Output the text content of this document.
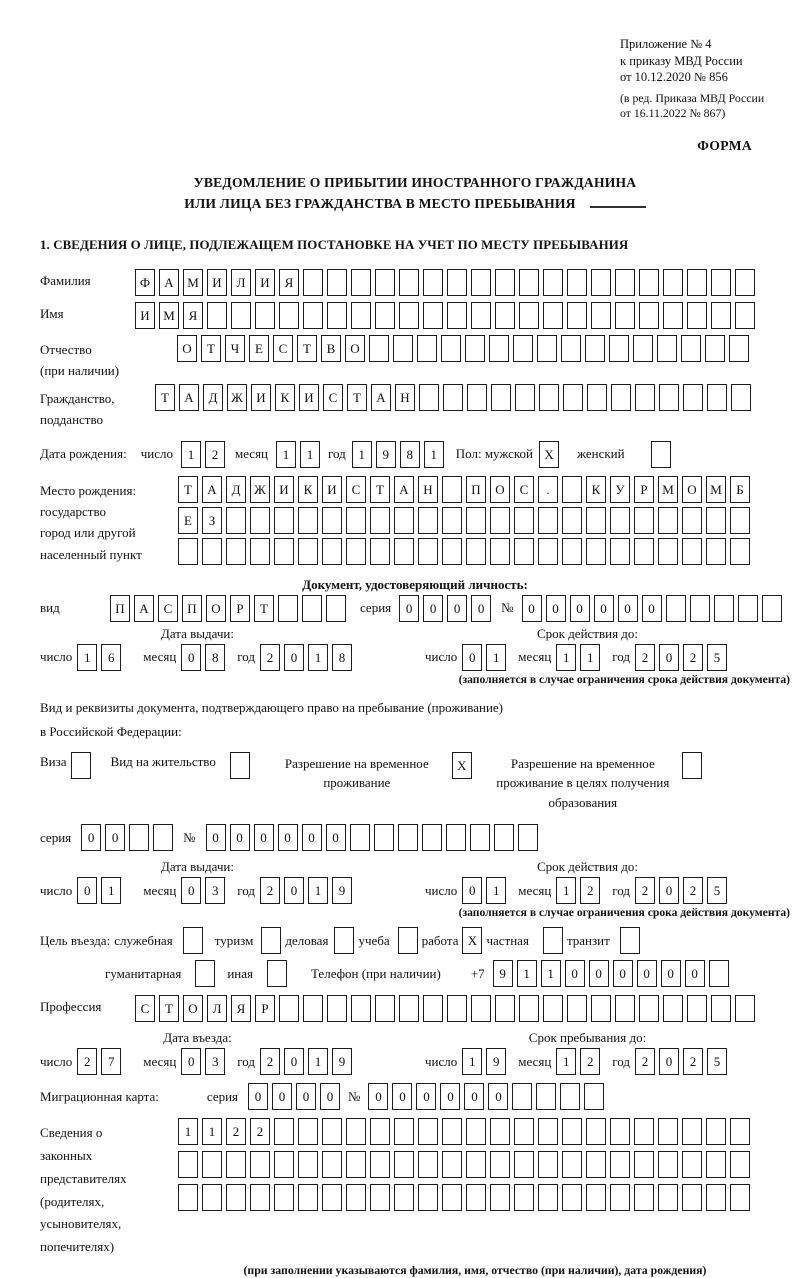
Приложение № 4
к приказу МВД России
от 10.12.2020 № 856
(в ред. Приказа МВД России
от 16.11.2022 № 867)
ФОРМА
УВЕДОМЛЕНИЕ О ПРИБЫТИИ ИНОСТРАННОГО ГРАЖДАНИНА
ИЛИ ЛИЦА БЕЗ ГРАЖДАНСТВА В МЕСТО ПРЕБЫВАНИЯ
1. СВЕДЕНИЯ О ЛИЦЕ, ПОДЛЕЖАЩЕМ ПОСТАНОВКЕ НА УЧЕТ ПО МЕСТУ ПРЕБЫВАНИЯ
Фамилия	Ф	А	М	И	Л	И	Я
Имя	И	М	Я
Отчество
(при наличии)
О	Т	Ч	Е	С	Т	В	О
Гражданство,
подданство
Т	А	Д	Ж	И	К	И	С	Т	А	Н
Дата рождения: число	1	2	месяц	1	1	год 1	9	8	1	Пол: мужской X	женский
Место рождения:
государство
город или другой
населенный пункт
Т	А	Д	Ж	И	К	И	С	Т	А	Н	П	О	С	.	К	У	Р	М	О	М	Б
Е	З
Документ, удостоверяющий личность:
вид	П	А	С	П	О	Р	Т	серия	0	0	0	0	№	0	0	0	0	0	0
Дата выдачи:
число 1	6	месяц 0	8	год 2	0	1	8
Срок действия до:
число 0	1	месяц 1	1	год 2	0	2	5
(заполняется в случае ограничения срока действия документа)
Вид и реквизиты документа, подтверждающего право на пребывание (проживание)
в Российской Федерации:
Виза	Вид на жительство	Разрешение на временное проживание
X	Разрешение на временное проживание в целях получения образования
серия	0	0	№	0	0	0	0	0	0
Дата выдачи:
число 0	1	месяц 0	3	год 2	0	1	9
Срок действия до:
число 0	1	месяц 1	2	год 2	0	2	5
(заполняется в случае ограничения срока действия документа)
Цель въезда: служебная	туризм деловая учеба работа X частная	транзит
гуманитарная	иная	Телефон (при наличии) +7	9	1	1	0	0	0	0	0	0
Профессия	С	Т	О	Л	Я	Р
Дата въезда:
число 2	7	месяц 0	3	год 2	0	1	9
Срок пребывания до:
число 1	9	месяц 1	2	год 2	0	2	5
Миграционная карта:	серия	0	0	0	0	№	0	0	0	0	0	0
Сведения о
законных
представителях
(родителях,
усыновителях,
попечителях)
1	1	2	2
(при заполнении указываются фамилия, имя, отчество (при наличии), дата рождения)
